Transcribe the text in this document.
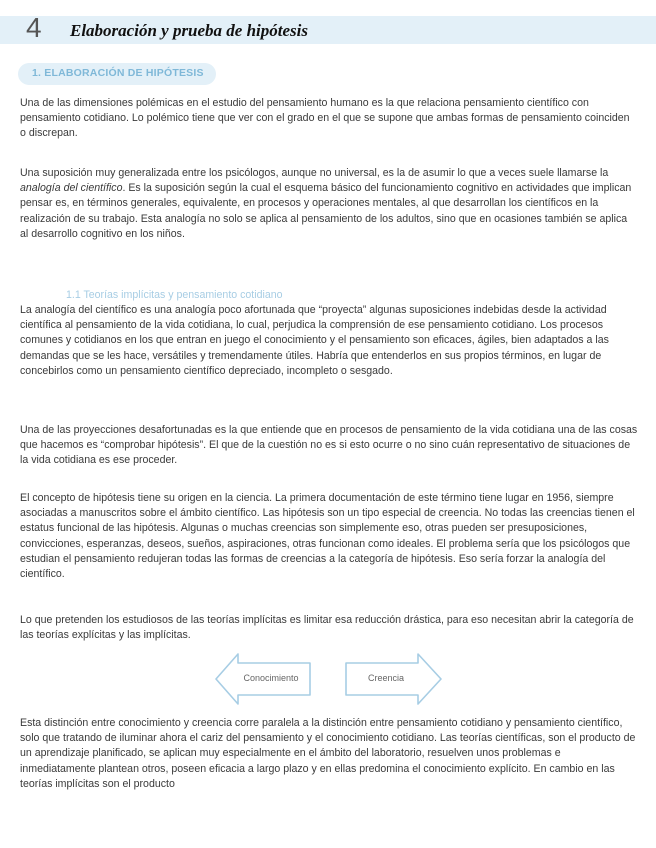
4 Elaboración y prueba de hipótesis
1. ELABORACIÓN DE HIPÓTESIS

Una de las dimensiones polémicas en el estudio del pensamiento humano es la que relaciona pensamiento científico con pensamiento cotidiano. Lo polémico tiene que ver con el grado en el que se supone que ambas formas de pensamiento coinciden o discrepan.

Una suposición muy generalizada entre los psicólogos, aunque no universal, es la de asumir lo que a veces suele llamarse la analogía del científico. Es la suposición según la cual el esquema básico del funcionamiento cognitivo en actividades que implican pensar es, en términos generales, equivalente, en procesos y operaciones mentales, al que desarrollan los científicos en la realización de su trabajo. Esta analogía no solo se aplica al pensamiento de los adultos, sino que en ocasiones también se aplica al desarrollo cognitivo en los niños.

1.1 Teorías implícitas y pensamiento cotidiano

La analogía del científico es una analogía poco afortunada que “proyecta” algunas suposiciones indebidas desde la actividad científica al pensamiento de la vida cotidiana, lo cual, perjudica la comprensión de ese pensamiento cotidiano. Los procesos comunes y cotidianos en los que entran en juego el conocimiento y el pensamiento son eficaces, ágiles, bien adaptados a las demandas que se les hace, versátiles y tremendamente útiles. Habría que entenderlos en sus propios términos, en lugar de concebirlos como un pensamiento científico depreciado, incompleto o sesgado.

Una de las proyecciones desafortunadas es la que entiende que en procesos de pensamiento de la vida cotidiana una de las cosas que hacemos es “comprobar hipótesis”. El que de la cuestión no es si esto ocurre o no sino cuán representativo de situaciones de la vida cotidiana es ese proceder.

El concepto de hipótesis tiene su origen en la ciencia. La primera documentación de este término tiene lugar en 1956, siempre asociadas a manuscritos sobre el ámbito científico. Las hipótesis son un tipo especial de creencia. No todas las creencias tienen el estatus funcional de las hipótesis. Algunas o muchas creencias son simplemente eso, otras pueden ser presuposiciones, convicciones, esperanzas, deseos, sueños, aspiraciones, otras funcionan como ideales. El problema sería que los psicólogos que estudian el pensamiento redujeran todas las formas de creencias a la categoría de hipótesis. Eso sería forzar la analogía del científico.

Lo que pretenden los estudiosos de las teorías implícitas es limitar esa reducción drástica, para eso necesitan abrir la categoría de las teorías explícitas y las implícitas.

Conocimiento	Creencia

Esta distinción entre conocimiento y creencia corre paralela a la distinción entre pensamiento cotidiano y pensamiento científico, solo que tratando de iluminar ahora el cariz del pensamiento y el conocimiento cotidiano. Las teorías científicas, son el producto de un aprendizaje planificado, se aplican muy especialmente en el ámbito del laboratorio, resuelven unos problemas e inmediatamente plantean otros, poseen eficacia a largo plazo y en ellas predomina el conocimiento explícito. En cambio en las teorías implícitas son el producto
